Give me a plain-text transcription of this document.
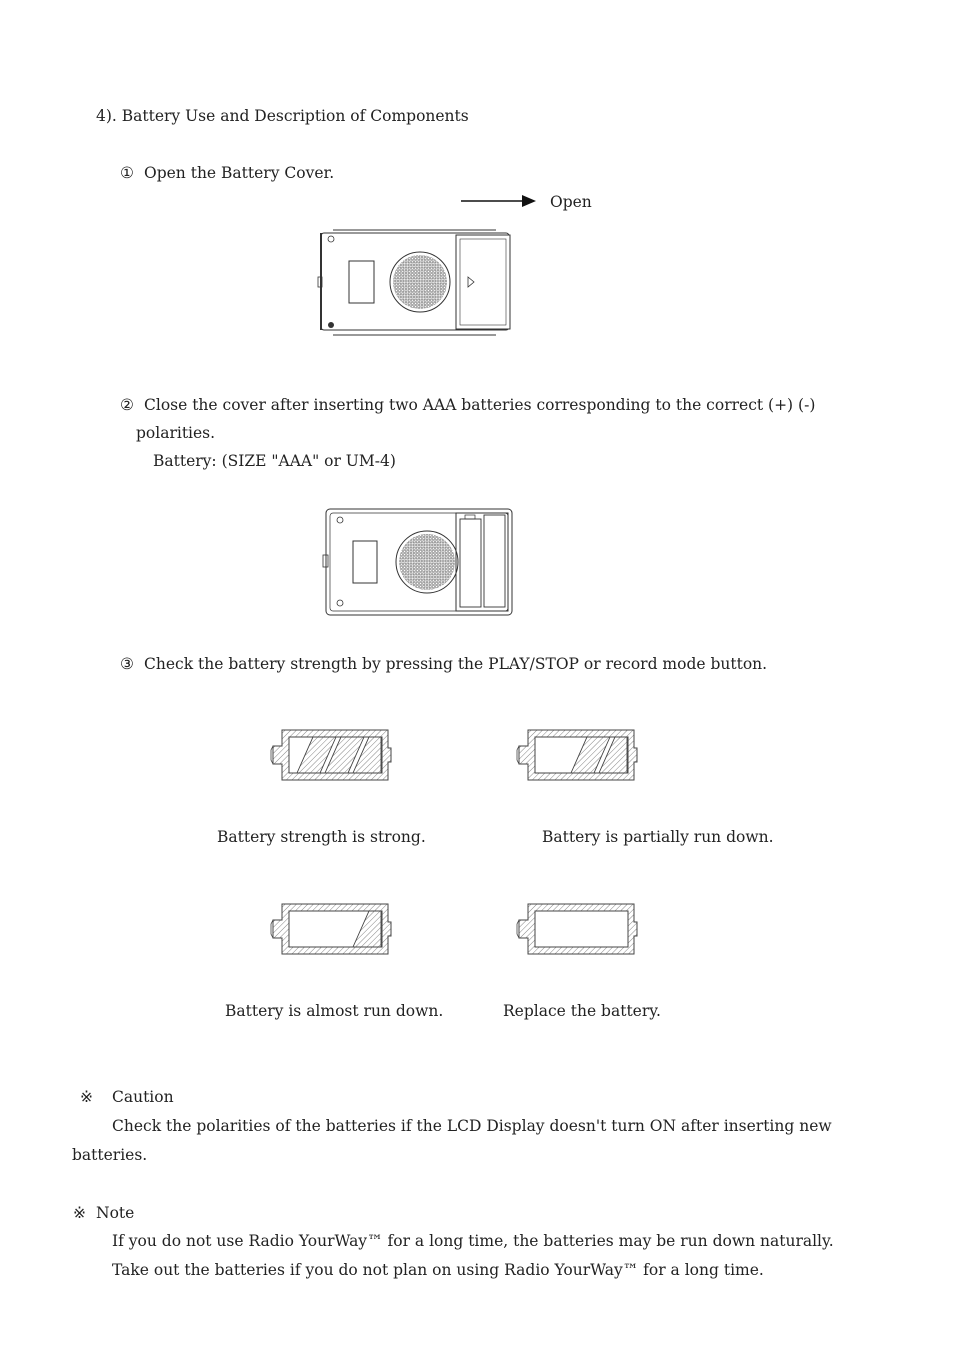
4). Battery Use and Description of Components
① Open the Battery Cover.
Open
② Close the cover after inserting two AAA batteries corresponding to the correct (+) (-)
polarities.
Battery: (SIZE "AAA" or UM-4)
③ Check the battery strength by pressing the PLAY/STOP or record mode button.
Battery strength is strong.	Battery is partially run down.
Battery is almost run down.	Replace the battery.
※ Caution
Check the polarities of the batteries if the LCD Display doesn't turn ON after inserting new
batteries.
※ Note
If you do not use Radio YourWay™ for a long time, the batteries may be run down naturally.
Take out the batteries if you do not plan on using Radio YourWay™ for a long time.
